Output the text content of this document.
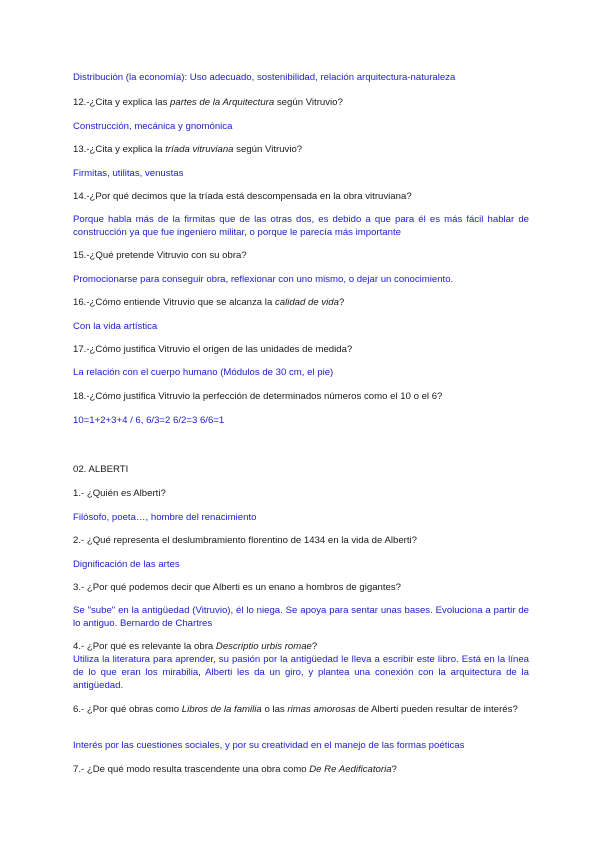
Distribución (la economía): Uso adecuado, sostenibilidad, relación arquitectura-naturaleza
12.-¿Cita y explica las partes de la Arquitectura según Vitruvio?
Construcción, mecánica y gnomónica
13.-¿Cita y explica la tríada vitruviana según Vitruvio?
Firmitas, utilitas, venustas
14.-¿Por qué decimos que la tríada está descompensada en la obra vitruviana?
Porque habla más de la firmitas que de las otras dos, es debido a que para él es más fácil hablar de construcción ya que fue ingeniero militar, o porque le parecía más importante
15.-¿Qué pretende Vitruvio con su obra?
Promocionarse para conseguir obra, reflexionar con uno mismo, o dejar un conocimiento.
16.-¿Cómo entiende Vitruvio que se alcanza la calidad de vida?
Con la vida artística
17.-¿Cómo justifica Vitruvio el origen de las unidades de medida?
La relación con el cuerpo humano (Módulos de 30 cm, el pie)
18.-¿Cómo justifica Vitruvio la perfección de determinados números como el 10 o el 6?
10=1+2+3+4 / 6, 6/3=2 6/2=3 6/6=1
02. ALBERTI
1.- ¿Quién es Alberti?
Filósofo, poeta…, hombre del renacimiento
2.- ¿Qué representa el deslumbramiento florentino de 1434 en la vida de Alberti?
Dignificación de las artes
3.- ¿Por qué podemos decir que Alberti es un enano a hombros de gigantes?
Se "sube" en la antigüedad (Vitruvio), él lo niega. Se apoya para sentar unas bases. Evoluciona a partir de lo antiguo. Bernardo de Chartres
4.- ¿Por qué es relevante la obra Descriptio urbis romae?
Utiliza la literatura para aprender, su pasión por la antigüedad le lleva a escribir este libro. Está en la línea de lo que eran los mirabilia, Alberti les da un giro, y plantea una conexión con la arquitectura de la antigüedad.
6.- ¿Por qué obras como Libros de la familia o las rimas amorosas de Alberti pueden resultar de interés?
Interés por las cuestiones sociales, y por su creatividad en el manejo de las formas poéticas
7.- ¿De qué modo resulta trascendente una obra como De Re Aedificatoria?
